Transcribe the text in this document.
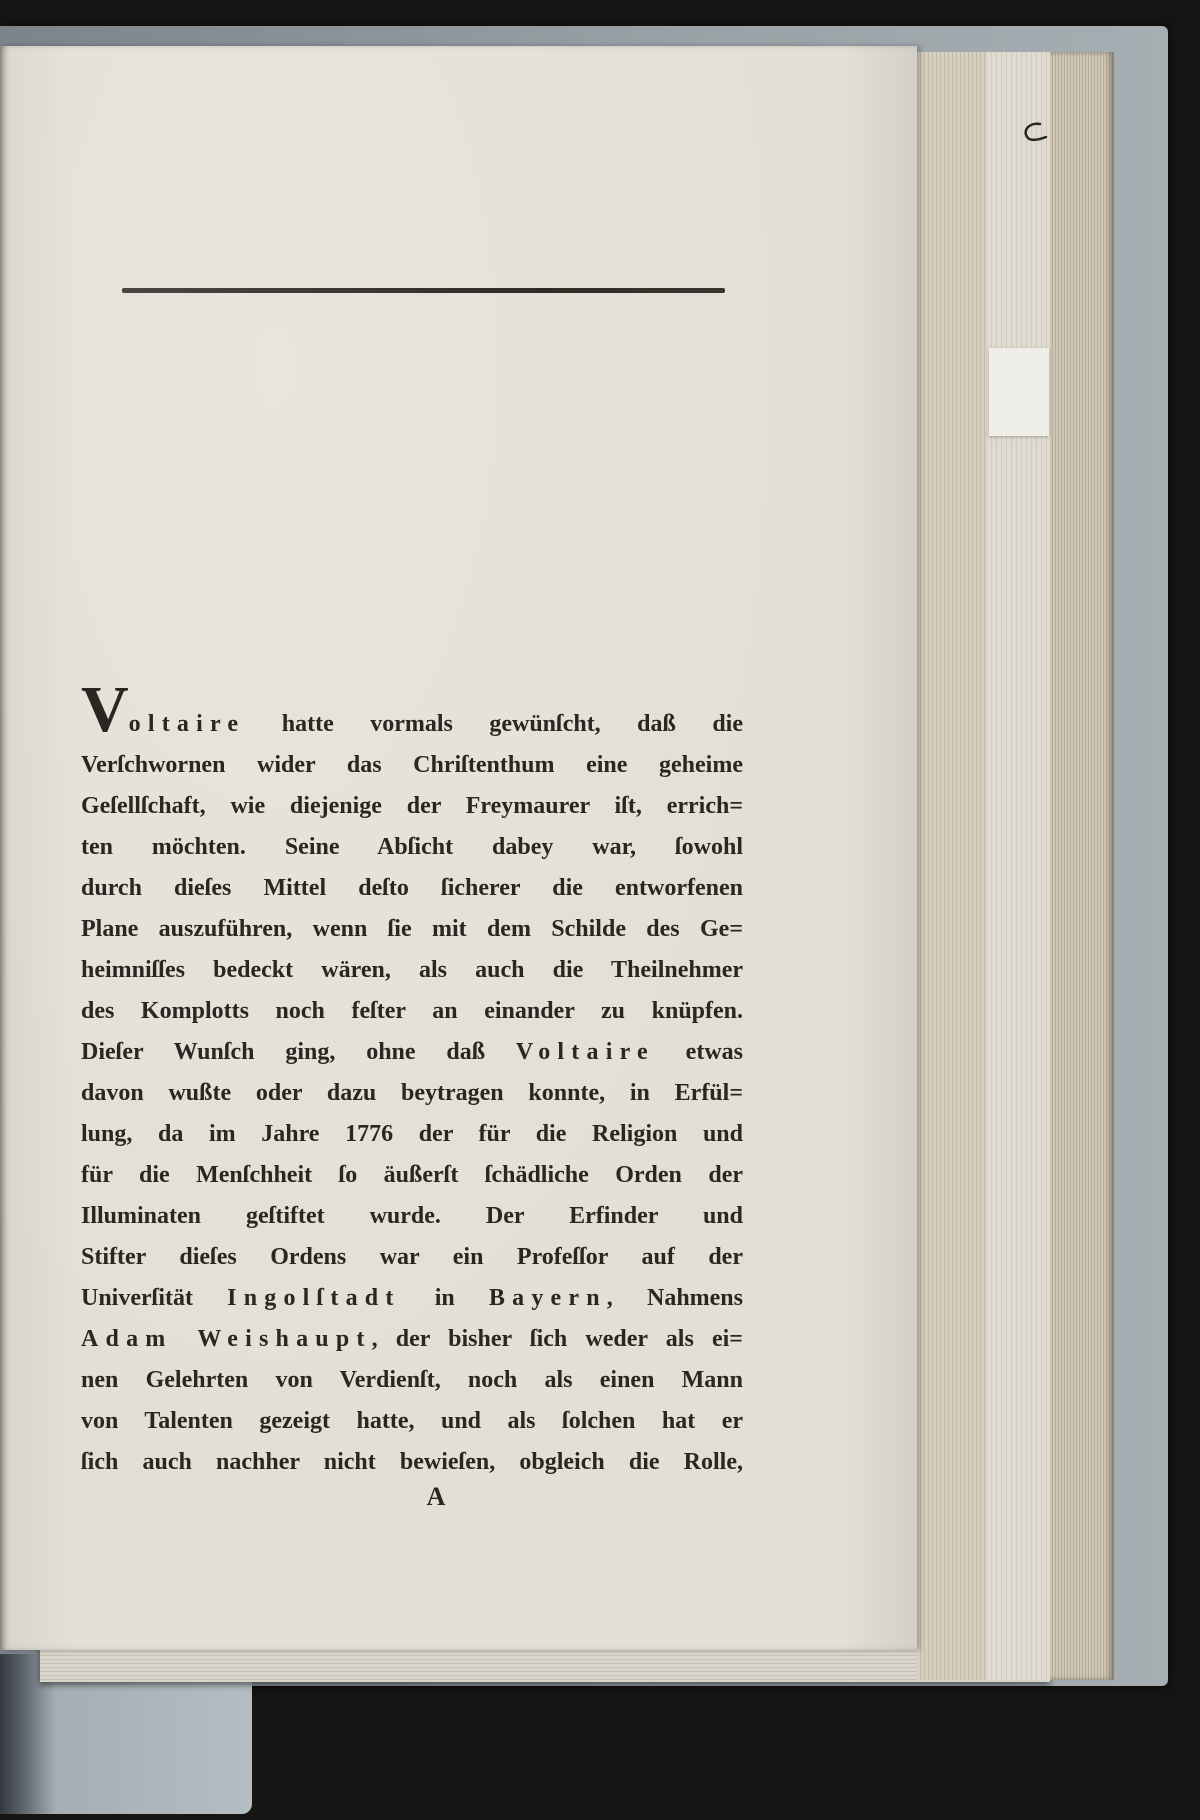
Voltaire hatte vormals gewünſcht, daß die
Verſchwornen wider das Chriſtenthum eine geheime
Geſellſchaft, wie diejenige der Freymaurer iſt, errich=
ten möchten. Seine Abſicht dabey war, ſowohl
durch dieſes Mittel deſto ſicherer die entworfenen
Plane auszuführen, wenn ſie mit dem Schilde des Ge=
heimniſſes bedeckt wären, als auch die Theilnehmer
des Komplotts noch feſter an einander zu knüpfen.
Dieſer Wunſch ging, ohne daß Voltaire etwas
davon wußte oder dazu beytragen konnte, in Erfül=
lung, da im Jahre 1776 der für die Religion und
für die Menſchheit ſo äußerſt ſchädliche Orden der
Illuminaten geſtiftet wurde. Der Erfinder und
Stifter dieſes Ordens war ein Profeſſor auf der
Univerſität Ingolſtadt in Bayern, Nahmens
Adam Weishaupt, der bisher ſich weder als ei=
nen Gelehrten von Verdienſt, noch als einen Mann
von Talenten gezeigt hatte, und als ſolchen hat er
ſich auch nachher nicht bewieſen, obgleich die Rolle,
A
